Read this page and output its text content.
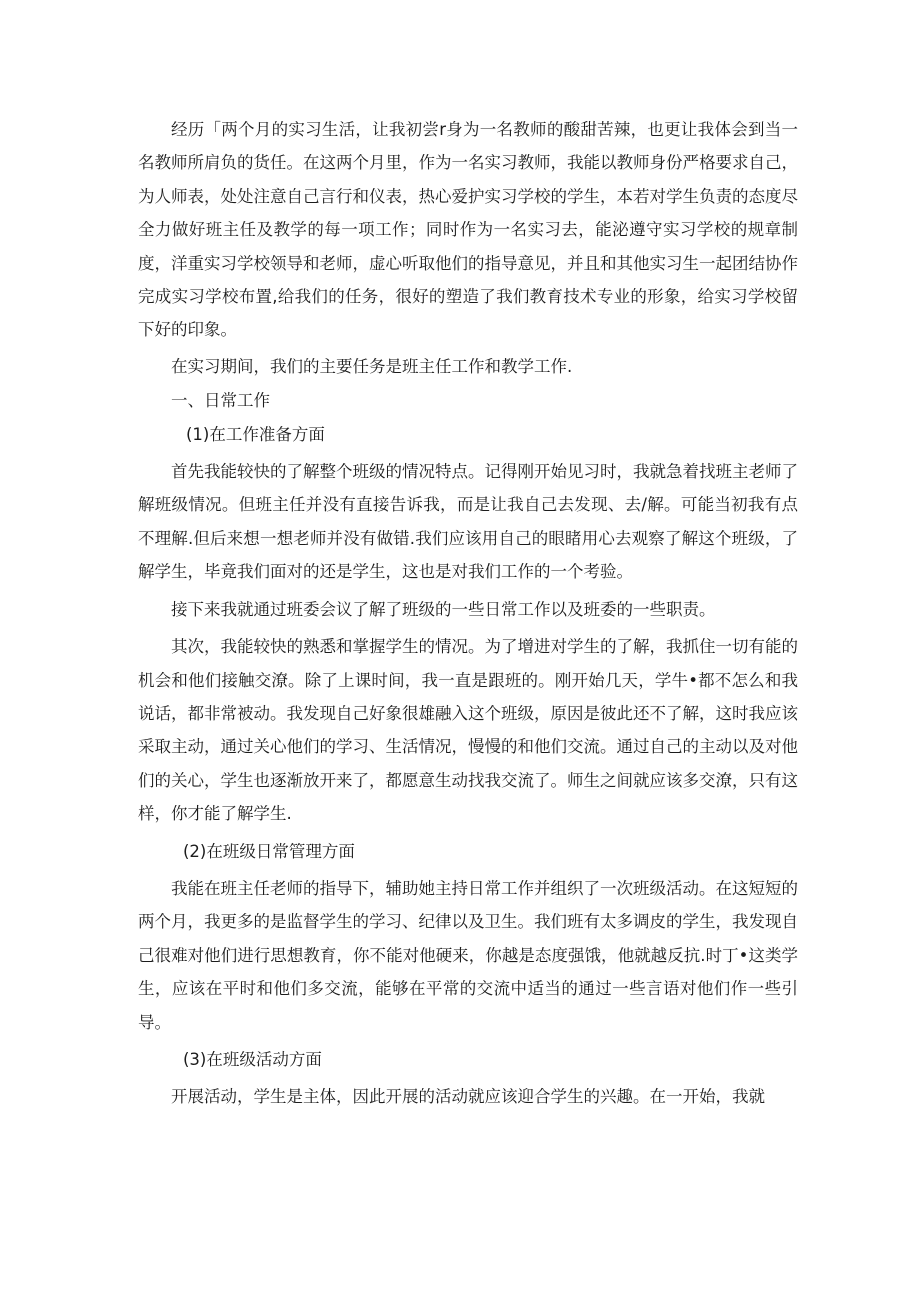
经历「两个月的实习生活，让我初尝r身为一名教师的酸甜苦辣，也更让我体会到当一名教师所肩负的货任。在这两个月里，作为一名实习教师，我能以教师身份严格要求自己，为人师表，处处注意自己言行和仪表，热心爱护实习学校的学生，本若对学生负责的态度尽全力做好班主任及教学的每一项工作；同时作为一名实习去，能泌遵守实习学校的规章制度，洋重实习学校领导和老师，虚心听取他们的指导意见，并且和其他实习生一起团结协作完成实习学校布置,给我们的任务，很好的塑造了我们教育技术专业的形象，给实习学校留下好的印象。

在实习期间，我们的主要任务是班主任工作和教学工作.

一、日常工作

(1)在工作准备方面

首先我能较快的了解整个班级的情况特点。记得刚开始见习时，我就急着找班主老师了解班级情况。但班主任并没有直接告诉我，而是让我自己去发现、去/解。可能当初我有点不理解.但后来想一想老师并没有做错.我们应该用自己的眼睹用心去观察了解这个班级，了解学生，毕竟我们面对的还是学生，这也是对我们工作的一个考验。

接下来我就通过班委会议了解了班级的一些日常工作以及班委的一些职责。

其次，我能较快的熟悉和掌握学生的情况。为了增进对学生的了解，我抓住一切有能的机会和他们接触交潦。除了上课时间，我一直是跟班的。刚开始几天，学牛•都不怎么和我说话，都非常被动。我发现自己好象很雄融入这个班级，原因是彼此还不了解，这时我应该采取主动，通过关心他们的学习、生活情况，慢慢的和他们交流。通过自己的主动以及对他们的关心，学生也逐渐放开来了，都愿意生动找我交流了。师生之间就应该多交潦，只有这样，你才能了解学生.

(2)在班级日常管理方面

我能在班主任老师的指导下，辅助她主持日常工作并组织了一次班级活动。在这短短的两个月，我更多的是监督学生的学习、纪律以及卫生。我们班有太多调皮的学生，我发现自己很难对他们进行思想教育，你不能对他硬来，你越是态度强饿，他就越反抗.时丁•这类学生，应该在平时和他们多交流，能够在平常的交流中适当的通过一些言语对他们作一些引导。

(3)在班级活动方面

开展活动，学生是主体，因此开展的活动就应该迎合学生的兴趣。在一开始，我就
